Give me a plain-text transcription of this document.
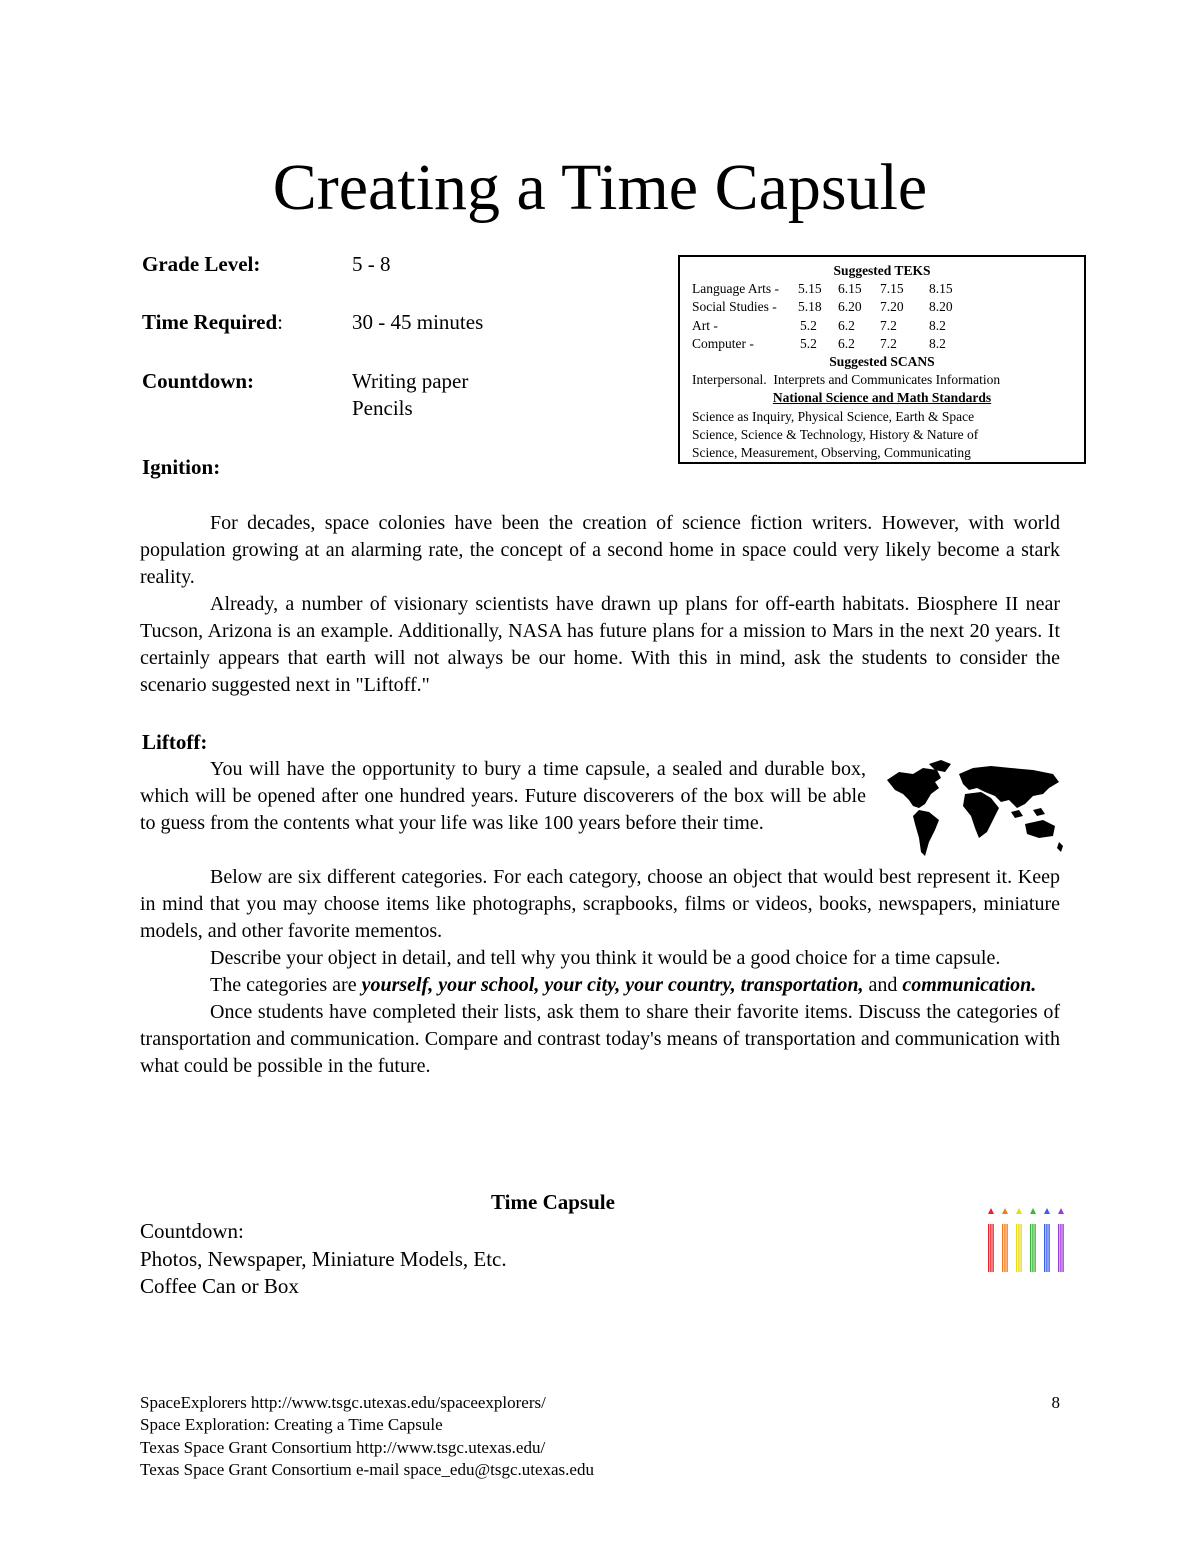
Creating a Time Capsule
Grade Level:	5 - 8
Time Required:	30 - 45 minutes
Countdown:	Writing paper
Pencils
Ignition:
Suggested TEKS
Language Arts - 5.15 6.15 7.15 8.15
Social Studies - 5.18 6.20 7.20 8.20
Art -	5.2 6.2 7.2 8.2
Computer -	5.2 6.2 7.2 8.2
Suggested SCANS
Interpersonal.  Interprets and Communicates Information
National Science and Math Standards
Science as Inquiry, Physical Science, Earth & Space
Science, Science & Technology, History & Nature of
Science, Measurement, Observing, Communicating

For decades, space colonies have been the creation of science fiction writers. However, with world population growing at an alarming rate, the concept of a second home in space could very likely become a stark reality.

Already, a number of visionary scientists have drawn up plans for off-earth habitats. Biosphere II near Tucson, Arizona is an example. Additionally, NASA has future plans for a mission to Mars in the next 20 years. It certainly appears that earth will not always be our home. With this in mind, ask the students to consider the scenario suggested next in "Liftoff."

Liftoff:

You will have the opportunity to bury a time capsule, a sealed and durable box, which will be opened after one hundred years. Future discoverers of the box will be able to guess from the contents what your life was like 100 years before their time.

Below are six different categories. For each category, choose an object that would best represent it. Keep in mind that you may choose items like photographs, scrapbooks, films or videos, books, newspapers, miniature models, and other favorite mementos.

Describe your object in detail, and tell why you think it would be a good choice for a time capsule.

The categories are yourself, your school, your city, your country, transportation, and communication.

Once students have completed their lists, ask them to share their favorite items. Discuss the categories of transportation and communication. Compare and contrast today's means of transportation and communication with what could be possible in the future.

Time Capsule
Countdown:
Photos, Newspaper, Miniature Models, Etc.
Coffee Can or Box
SpaceExplorers http://www.tsgc.utexas.edu/spaceexplorers/
Space Exploration: Creating a Time Capsule
Texas Space Grant Consortium http://www.tsgc.utexas.edu/
Texas Space Grant Consortium e-mail space_edu@tsgc.utexas.edu
8
